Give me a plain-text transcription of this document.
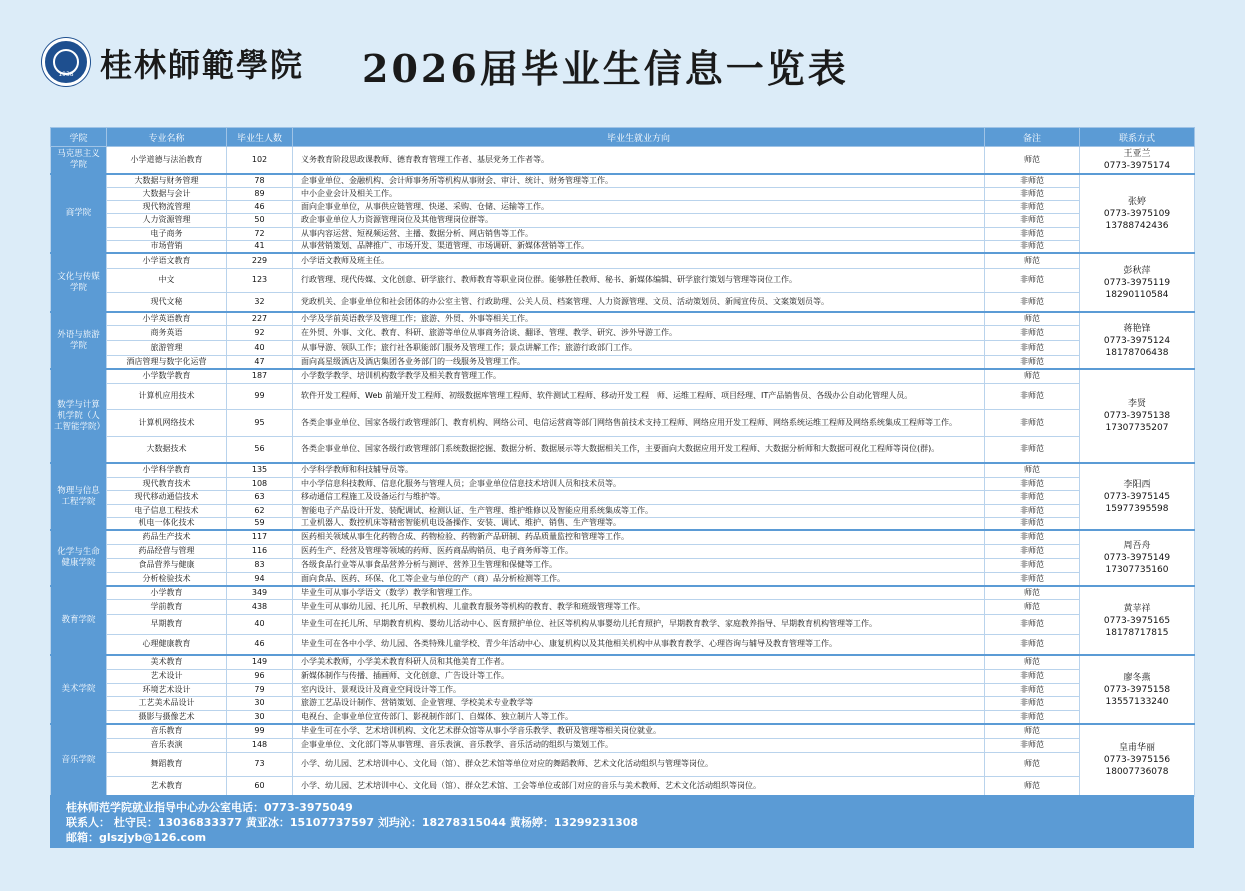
1938 桂林師範學院 2026届毕业生信息一览表
学院	专业名称	毕业生人数	毕业生就业方向	备注	联系方式
马克思主义学院	小学道德与法治教育	102	义务教育阶段思政课教师、德育教育管理工作者、基层党务工作者等。	师范	王亚兰
0773-3975174

商学院	大数据与财务管理	78	企事业单位、金融机构、会计师事务所等机构从事财会、审计、统计、财务管理等工作。	非师范	张婷
0773-3975109
13788742436

	大数据与会计	89	中小企业会计及相关工作。	非师范	
	现代物流管理	46	面向企事业单位，从事供应链管理、快递、采购、仓储、运输等工作。	非师范	
	人力资源管理	50	政企事业单位人力资源管理岗位及其他管理岗位群等。	非师范	
	电子商务	72	从事内容运营、短视频运营、主播、数据分析、网店销售等工作。	非师范	
	市场营销	41	从事营销策划、品牌推广、市场开发、渠道管理、市场调研、新媒体营销等工作。	非师范	
文化与传媒学院	小学语文教育	229	小学语文教师及班主任。	师范	彭秋萍
0773-3975119
18290110584

	中文	123	行政管理、现代传媒、文化创意、研学旅行、教师教育等职业岗位群。能够胜任教师、秘书、新媒体编辑、研学旅行策划与管理等岗位工作。	非师范	
	现代文秘	32	党政机关、企事业单位和社会团体的办公室主管、行政助理、公关人员、档案管理、人力资源管理、文员、活动策划员、新闻宣传员、文案策划员等。	非师范	
外语与旅游学院	小学英语教育	227	小学及学前英语教学及管理工作；旅游、外贸、外事等相关工作。	师范	蒋艳锋
0773-3975124
18178706438

	商务英语	92	在外贸、外事、文化、教育、科研、旅游等单位从事商务洽谈、翻译、管理、教学、研究、涉外导游工作。	非师范	
	旅游管理	40	从事导游、领队工作；旅行社各职能部门服务及管理工作；景点讲解工作；旅游行政部门工作。	非师范	
	酒店管理与数字化运营	47	面向高星级酒店及酒店集团各业务部门的一线服务及管理工作。	非师范	
数学与计算机学院（人工智能学院）	小学数学教育	187	小学数学教学、培训机构数学教学及相关教育管理工作。	师范	李贤
0773-3975138
17307735207

	计算机应用技术	99	软件开发工程师、Web 前端开发工程师、初级数据库管理工程师、软件测试工程师、移动开发工程　师、运维工程师、项目经理、IT产品销售员、各级办公自动化管理人员。	非师范	
	计算机网络技术	95	各类企事业单位、国家各级行政管理部门、教育机构、网络公司、电信运营商等部门网络售前技术支持工程师、网络应用开发工程师、网络系统运维工程师及网络系统集成工程师等工作。	非师范	
	大数据技术	56	各类企事业单位、国家各级行政管理部门系统数据挖掘、数据分析、数据展示等大数据相关工作，主要面向大数据应用开发工程师、大数据分析师和大数据可视化工程师等岗位(群)。	非师范	
物理与信息工程学院	小学科学教育	135	小学科学教师和科技辅导员等。	师范	李阳西
0773-3975145
15977395598

	现代教育技术	108	中小学信息科技教师、信息化服务与管理人员；企事业单位信息技术培训人员和技术员等。	非师范	
	现代移动通信技术	63	移动通信工程施工及设备运行与维护等。	非师范	
	电子信息工程技术	62	智能电子产品设计开发、装配调试、检测认证、生产管理、维护维修以及智能应用系统集成等工作。	非师范	
	机电一体化技术	59	工业机器人、数控机床等精密智能机电设备操作、安装、调试、维护、销售、生产管理等。	非师范	
化学与生命健康学院	药品生产技术	117	医药相关领域从事生化药物合成、药物检验、药物新产品研制、药品质量监控和管理等工作。	非师范	周吾舟
0773-3975149
17307735160

	药品经营与管理	116	医药生产、经营及管理等领域的药师、医药商品购销员、电子商务师等工作。	非师范	
	食品营养与健康	83	各级食品行业等从事食品营养分析与测评、营养卫生管理和保健等工作。	非师范	
	分析检验技术	94	面向食品、医药、环保、化工等企业与单位的产（商）品分析检测等工作。	非师范	
教育学院	小学教育	349	毕业生可从事小学语文（数学）教学和管理工作。	师范	黄苹祥
0773-3975165
18178717815

	学前教育	438	毕业生可从事幼儿园、托儿所、早教机构、儿童教育服务等机构的教育、教学和班级管理等工作。	师范	
	早期教育	40	毕业生可在托儿所、早期教育机构、婴幼儿活动中心、医育照护单位、社区等机构从事婴幼儿托育照护，早期教育教学、家庭教养指导、早期教育机构管理等工作。	非师范	
	心理健康教育	46	毕业生可在各中小学、幼儿园、各类特殊儿童学校、青少年活动中心、康复机构以及其他相关机构中从事教育教学、心理咨询与辅导及教育管理等工作。	非师范	
美术学院	美术教育	149	小学美术教师，小学美术教育科研人员和其他美育工作者。	师范	廖冬燕
0773-3975158
13557133240

	艺术设计	96	新媒体制作与传播、插画师、文化创意、广告设计等工作。	非师范	
	环境艺术设计	79	室内设计、景观设计及商业空间设计等工作。	非师范	
	工艺美术品设计	30	旅游工艺品设计制作、营销策划、企业管理、学校美术专业教学等	非师范	
	摄影与摄像艺术	30	电视台、企事业单位宣传部门、影视制作部门、自媒体、独立制片人等工作。	非师范	
音乐学院	音乐教育	99	毕业生可在小学、艺术培训机构、文化艺术群众馆等从事小学音乐教学、教研及管理等相关岗位就业。	师范	皇甫华丽
0773-3975156
18007736078

	音乐表演	148	企事业单位、文化部门等从事管理、音乐表演、音乐教学、音乐活动的组织与策划工作。	非师范	
	舞蹈教育	73	小学、幼儿园、艺术培训中心、文化局（馆）、群众艺术馆等单位对应的舞蹈教师、艺术文化活动组织与管理等岗位。	师范	
	艺术教育	60	小学、幼儿园、艺术培训中心、文化局（馆）、群众艺术馆、工会等单位或部门对应的音乐与美术教师、艺术文化活动组织等岗位。	师范	
桂林师范学院就业指导中心办公室电话：0773-3975049
联系人： 杜守民：13036833377 黄亚冰：15107737597 刘玙沁：18278315044 黄杨婷：13299231308
邮箱：glszjyb@126.com
